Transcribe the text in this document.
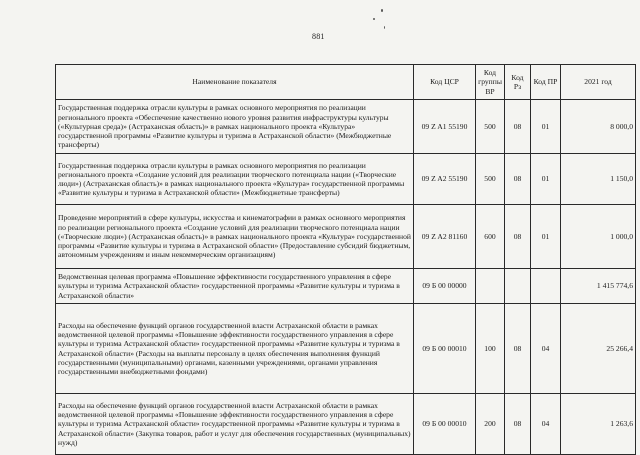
881
Наименование показателя	Код ЦСР	Код группы ВР	Код Рз	Код ПР	2021 год
Государственная поддержка отрасли культуры в рамках основного мероприятия по реализации регионального проекта «Обеспечение качественно нового уровня развития инфраструктуры культуры («Культурная среда)» (Астраханская область)» в рамках национального проекта «Культура» государственной программы «Развитие культуры и туризма в Астраханской области» (Межбюджетные трансферты)	09 Z A1 55190	500	08	01	8 000,0
Государственная поддержка отрасли культуры в рамках основного мероприятия по реализации регионального проекта «Создание условий для реализации творческого потенциала нации («Творческие люди») (Астраханская область)» в рамках национального проекта «Культура» государственной программы «Развитие культуры и туризма в Астраханской области» (Межбюджетные трансферты)	09 Z A2 55190	500	08	01	1 150,0
Проведение мероприятий в сфере культуры, искусства и кинематографии в рамках основного мероприятия по реализации регионального проекта «Создание условий для реализации творческого потенциала нации («Творческие люди») (Астраханская область)» в рамках национального проекта «Культура» государственной программы «Развитие культуры и туризма в Астраханской области» (Предоставление субсидий бюджетным, автономным учреждениям и иным некоммерческим организациям)	09 Z A2 81160	600	08	01	1 000,0
Ведомственная целевая программа «Повышение эффективности государственного управления в сфере культуры и туризма Астраханской области» государственной программы «Развитие культуры и туризма в Астраханской области»	09 Б 00 00000				1 415 774,6
Расходы на обеспечение функций органов государственной власти Астраханской области в рамках ведомственной целевой программы «Повышение эффективности государственного управления в сфере культуры и туризма Астраханской области» государственной программы «Развитие культуры и туризма в Астраханской области» (Расходы на выплаты персоналу в целях обеспечения выполнения функций государственными (муниципальными) органами, казенными учреждениями, органами управления государственными внебюджетными фондами)	09 Б 00 00010	100	08	04	25 266,4
Расходы на обеспечение функций органов государственной власти Астраханской области в рамках ведомственной целевой программы «Повышение эффективности государственного управления в сфере культуры и туризма Астраханской области» государственной программы «Развитие культуры и туризма в Астраханской области» (Закупка товаров, работ и услуг для обеспечения государственных (муниципальных) нужд)	09 Б 00 00010	200	08	04	1 263,6
